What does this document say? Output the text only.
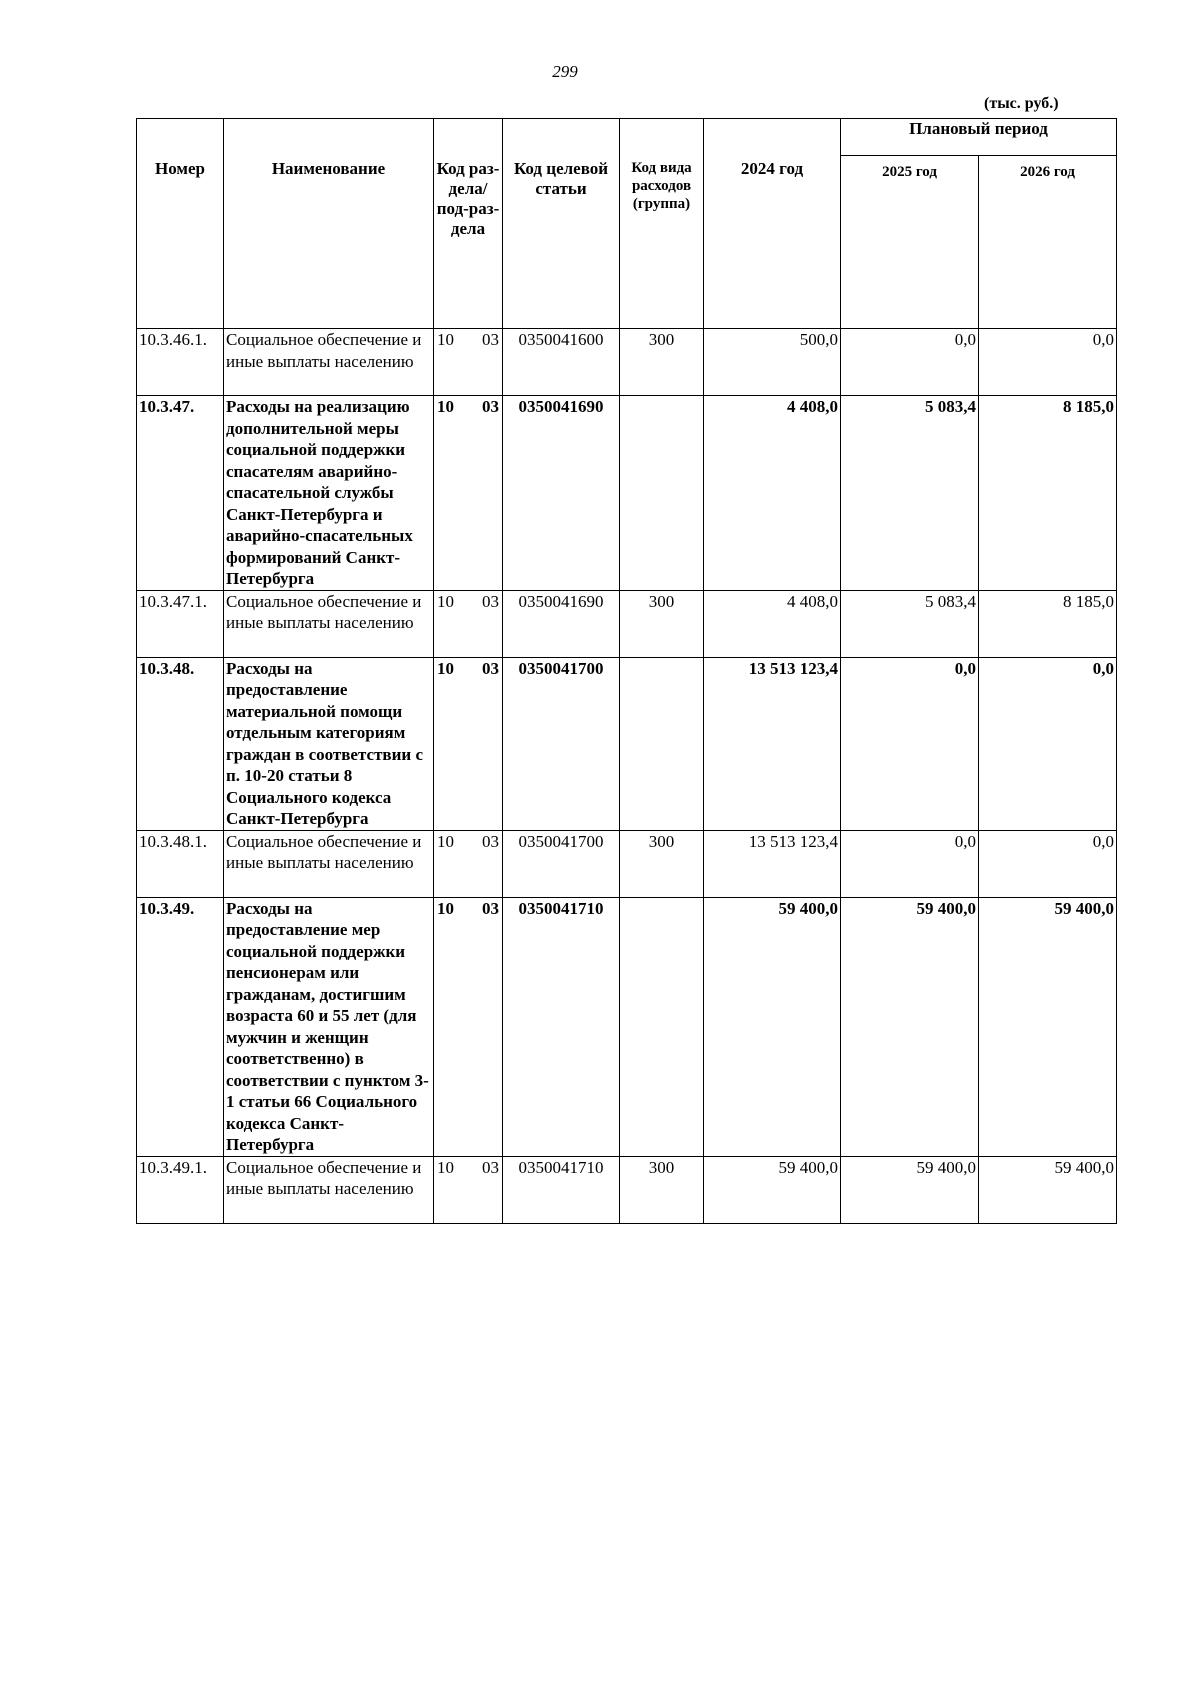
299
(тыс. руб.)
Номер	Наименование	Код раз-дела/ под-раз-дела	Код целевой статьи	Код вида расходов (группа)	2024 год	Плановый период	
						2025 год	2026 год
10.3.46.1.	Социальное обеспечение и иные выплаты населению	10 03	0350041600	300	500,0	0,0	0,0
10.3.47.	Расходы на реализацию дополнительной меры социальной поддержки спасателям аварийно-спасательной службы Санкт-Петербурга и аварийно-спасательных формирований Санкт-Петербурга	10 03	0350041690		4 408,0	5 083,4	8 185,0
10.3.47.1.	Социальное обеспечение и иные выплаты населению	10 03	0350041690	300	4 408,0	5 083,4	8 185,0
10.3.48.	Расходы на предоставление материальной помощи отдельным категориям граждан в соответствии с п. 10-20 статьи 8 Социального кодекса Санкт-Петербурга	10 03	0350041700		13 513 123,4	0,0	0,0
10.3.48.1.	Социальное обеспечение и иные выплаты населению	10 03	0350041700	300	13 513 123,4	0,0	0,0
10.3.49.	Расходы на предоставление мер социальной поддержки пенсионерам или гражданам, достигшим возраста 60 и 55 лет (для мужчин и женщин соответственно) в соответствии с пунктом 3-1 статьи 66 Социального кодекса Санкт-Петербурга	10 03	0350041710		59 400,0	59 400,0	59 400,0
10.3.49.1.	Социальное обеспечение и иные выплаты населению	10 03	0350041710	300	59 400,0	59 400,0	59 400,0
